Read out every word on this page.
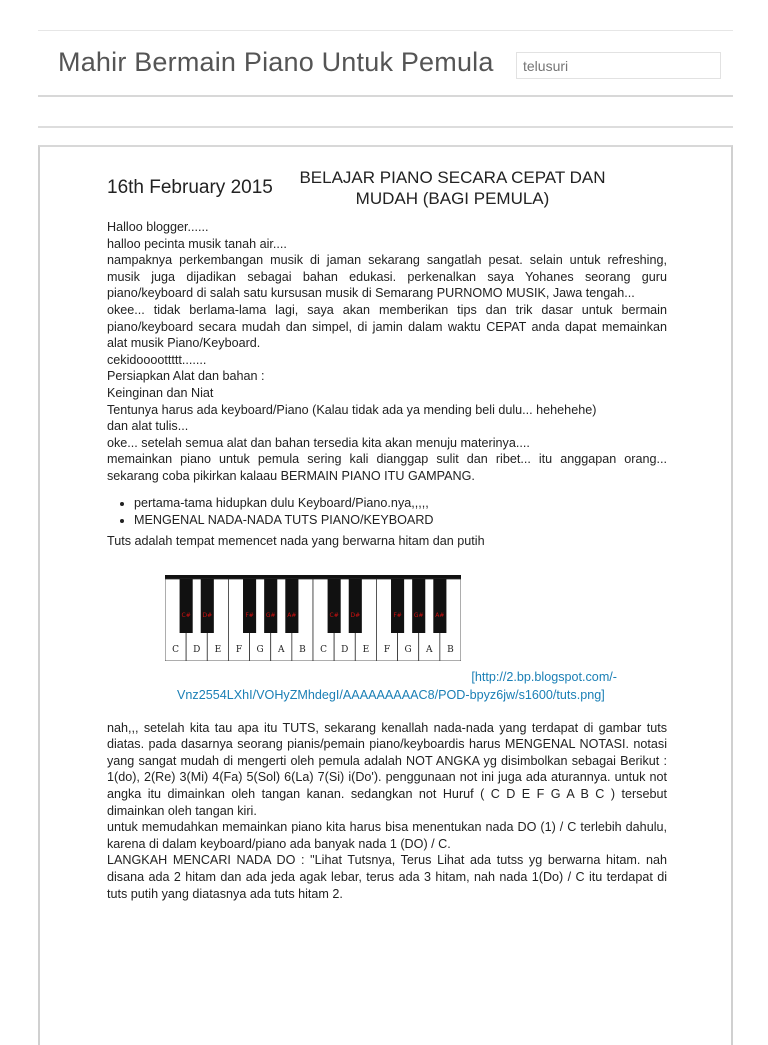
Mahir Bermain Piano Untuk Pemula
telusuri
16th February 2015	BELAJAR PIANO SECARA CEPAT DAN MUDAH (BAGI PEMULA)

Halloo blogger......

halloo pecinta musik tanah air....

nampaknya perkembangan musik di jaman sekarang sangatlah pesat. selain untuk refreshing, musik juga dijadikan sebagai bahan edukasi. perkenalkan saya Yohanes seorang guru piano/keyboard di salah satu kursusan musik di Semarang PURNOMO MUSIK, Jawa tengah...

okee... tidak berlama-lama lagi, saya akan memberikan tips dan trik dasar untuk bermain piano/keyboard secara mudah dan simpel, di jamin dalam waktu CEPAT anda dapat memainkan alat musik Piano/Keyboard.

cekidoooottttt.......

Persiapkan Alat dan bahan :

Keinginan dan Niat

Tentunya harus ada keyboard/Piano (Kalau tidak ada ya mending beli dulu... hehehehe)

dan alat tulis...

oke... setelah semua alat dan bahan tersedia kita akan menuju materinya....

memainkan piano untuk pemula sering kali dianggap sulit dan ribet... itu anggapan orang... sekarang coba pikirkan kalaau BERMAIN PIANO ITU GAMPANG.

• pertama-tama hidupkan dulu Keyboard/Piano.nya,,,,,
• MENGENAL NADA-NADA TUTS PIANO/KEYBOARD

Tuts adalah tempat memencet nada yang berwarna hitam dan putih

C D E F G A B C D E F G A B
C# D#	F# G# A#	C# D#	F# G# A#
[http://2.bp.blogspot.com/-
Vnz2554LXhI/VOHyZMhdegI/AAAAAAAAAC8/POD-bpyz6jw/s1600/tuts.png]

nah,,, setelah kita tau apa itu TUTS, sekarang kenallah nada-nada yang terdapat di gambar tuts diatas. pada dasarnya seorang pianis/pemain piano/keyboardis harus MENGENAL NOTASI. notasi yang sangat mudah di mengerti oleh pemula adalah NOT ANGKA yg disimbolkan sebagai Berikut : 1(do), 2(Re) 3(Mi) 4(Fa) 5(Sol) 6(La) 7(Si) i(Do'). penggunaan not ini juga ada aturannya. untuk not angka itu dimainkan oleh tangan kanan. sedangkan not Huruf ( C D E F G A B C ) tersebut dimainkan oleh tangan kiri.

untuk memudahkan memainkan piano kita harus bisa menentukan nada DO (1) / C terlebih dahulu, karena di dalam keyboard/piano ada banyak nada 1 (DO) / C.

LANGKAH MENCARI NADA DO : "Lihat Tutsnya, Terus Lihat ada tutss yg berwarna hitam. nah disana ada 2 hitam dan ada jeda agak lebar, terus ada 3 hitam, nah nada 1(Do) / C itu terdapat di tuts putih yang diatasnya ada tuts hitam 2.
